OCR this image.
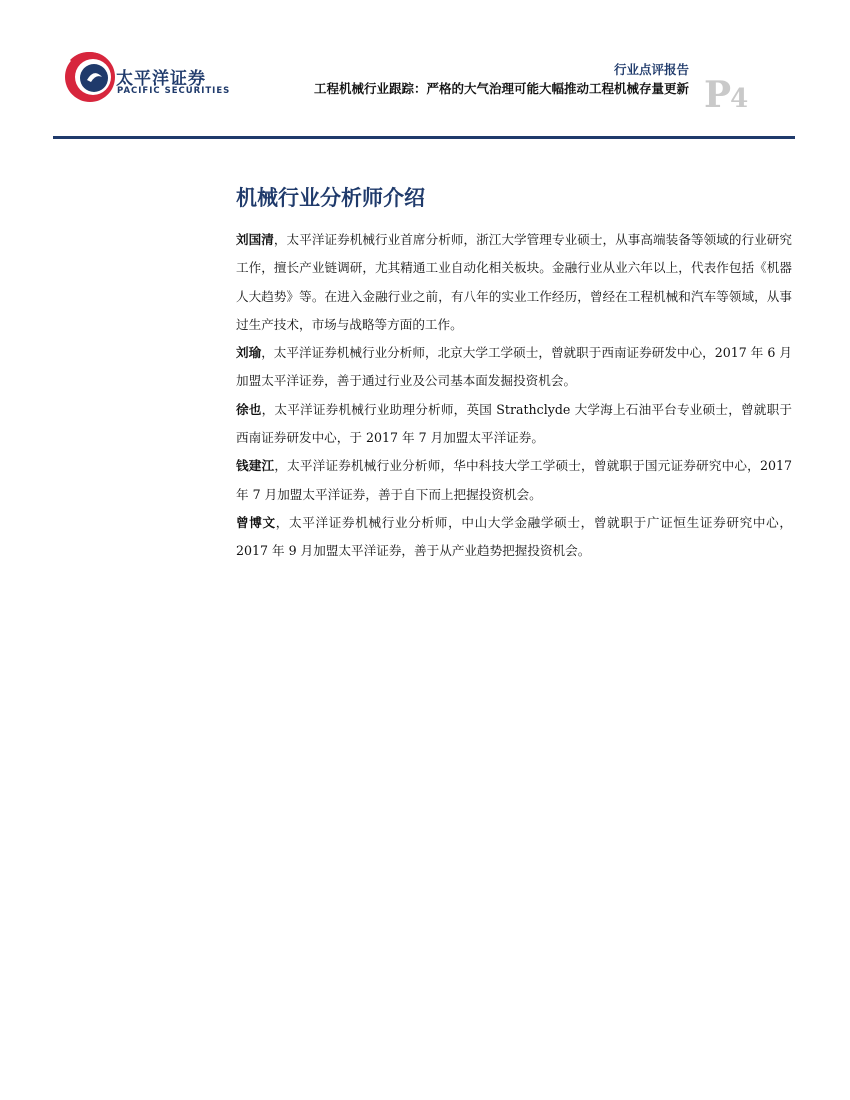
太平洋证券
PACIFIC SECURITIES
行业点评报告
工程机械行业跟踪：严格的大气治理可能大幅推动工程机械存量更新 P4
机械行业分析师介绍

刘国清，太平洋证券机械行业首席分析师，浙江大学管理专业硕士，从事高端装备等领域的行业研究工作，擅长产业链调研，尤其精通工业自动化相关板块。金融行业从业六年以上，代表作包括《机器人大趋势》等。在进入金融行业之前，有八年的实业工作经历，曾经在工程机械和汽车等领域，从事过生产技术，市场与战略等方面的工作。

刘瑜，太平洋证券机械行业分析师，北京大学工学硕士，曾就职于西南证券研发中心，2017 年 6 月加盟太平洋证券，善于通过行业及公司基本面发掘投资机会。

徐也，太平洋证券机械行业助理分析师，英国 Strathclyde 大学海上石油平台专业硕士，曾就职于西南证券研发中心，于 2017 年 7 月加盟太平洋证券。

钱建江，太平洋证券机械行业分析师，华中科技大学工学硕士，曾就职于国元证券研究中心，2017 年 7 月加盟太平洋证券，善于自下而上把握投资机会。

曾博文，太平洋证券机械行业分析师，中山大学金融学硕士，曾就职于广证恒生证券研究中心，2017 年 9 月加盟太平洋证券，善于从产业趋势把握投资机会。
